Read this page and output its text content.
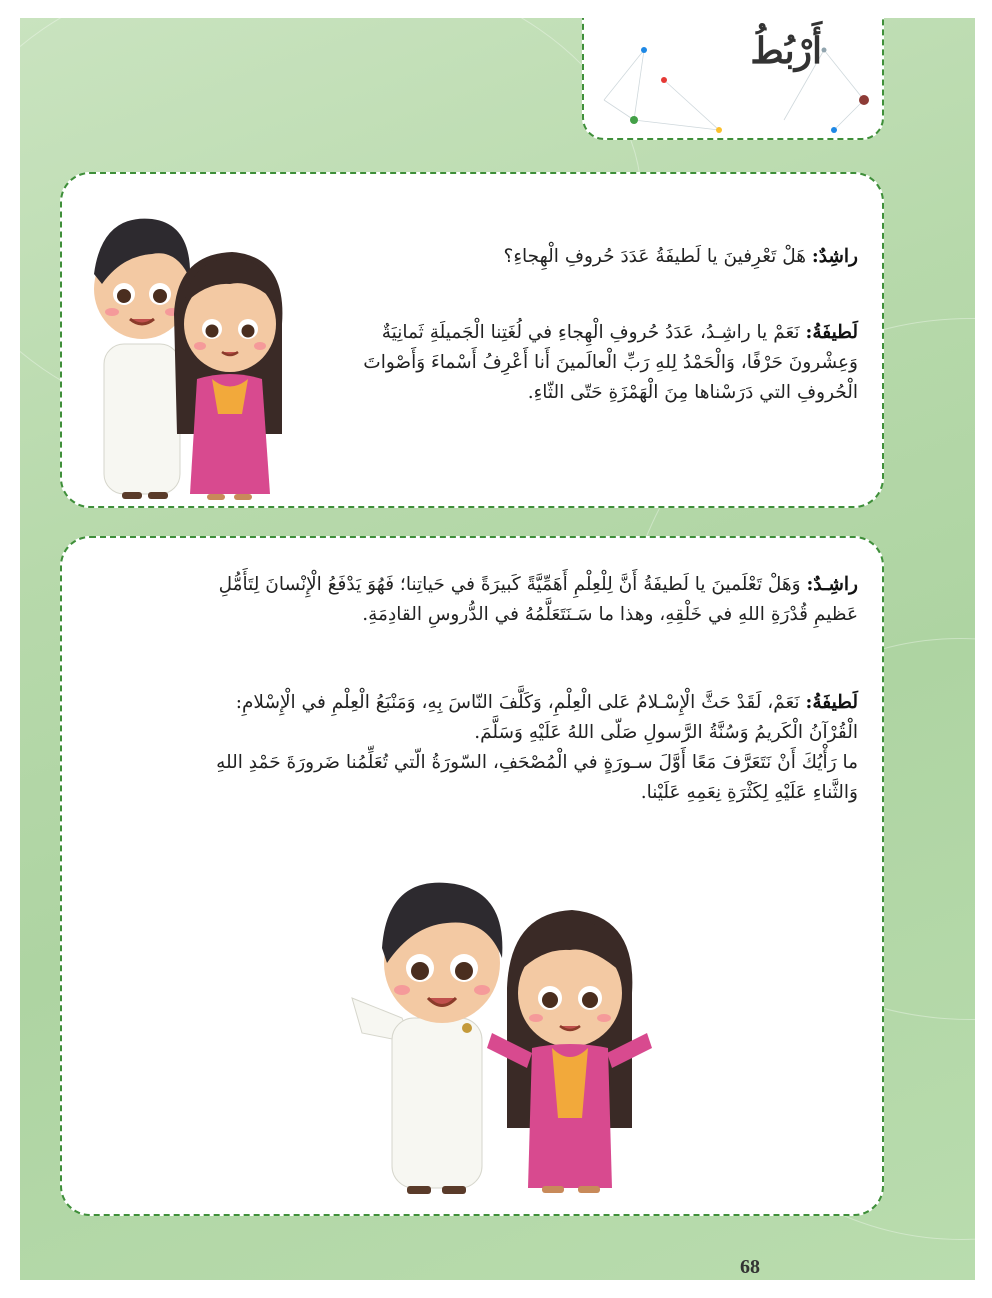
أَرْبُطُ

راشِدٌ: هَلْ تَعْرِفينَ يا لَطيفَةُ عَدَدَ حُروفِ الْهِجاءِ؟

لَطيفَةُ: نَعَمْ يا راشِـدُ، عَدَدُ حُروفِ الْهِجاءِ في لُغَتِنا الْجَميلَةِ ثَمانِيَةٌ
وَعِشْرونَ حَرْفًا، وَالْحَمْدُ لِلهِ رَبِّ الْعالَمينَ أَنا أَعْرِفُ أَسْماءَ وَأَصْواتَ
الْحُروفِ التي دَرَسْناها مِنَ الْهَمْزَةِ حَتّى الثّاءِ.

راشِـدٌ: وَهَلْ تَعْلَمينَ يا لَطيفَةُ أَنَّ لِلْعِلْمِ أَهَمِّيَّةً كَبيرَةً في حَياتِنا؛ فَهُوَ يَدْفَعُ الْإِنْسانَ لِتَأَمُّلِ
عَظيمِ قُدْرَةِ اللهِ في خَلْقِهِ، وهذا ما سَـنَتَعَلَّمُهُ في الدُّروسِ القادِمَةِ.

لَطيفَةُ: نَعَمْ، لَقَدْ حَثَّ الْإِسْـلامُ عَلى الْعِلْمِ، وَكَلَّفَ النّاسَ بِهِ، وَمَنْبَعُ الْعِلْمِ في الْإِسْلامِ:
الْقُرْآنُ الْكَريمُ وَسُنَّةُ الرَّسولِ صَلّى اللهُ عَلَيْهِ وَسَلَّمَ.
ما رَأْيُكَ أَنْ نَتَعَرَّفَ مَعًا أَوَّلَ سـورَةٍ في الْمُصْحَفِ، السّورَةُ الّتي تُعَلِّمُنا ضَرورَةَ حَمْدِ اللهِ
وَالثَّناءِ عَلَيْهِ لِكَثْرَةِ نِعَمِهِ عَلَيْنا.

68
